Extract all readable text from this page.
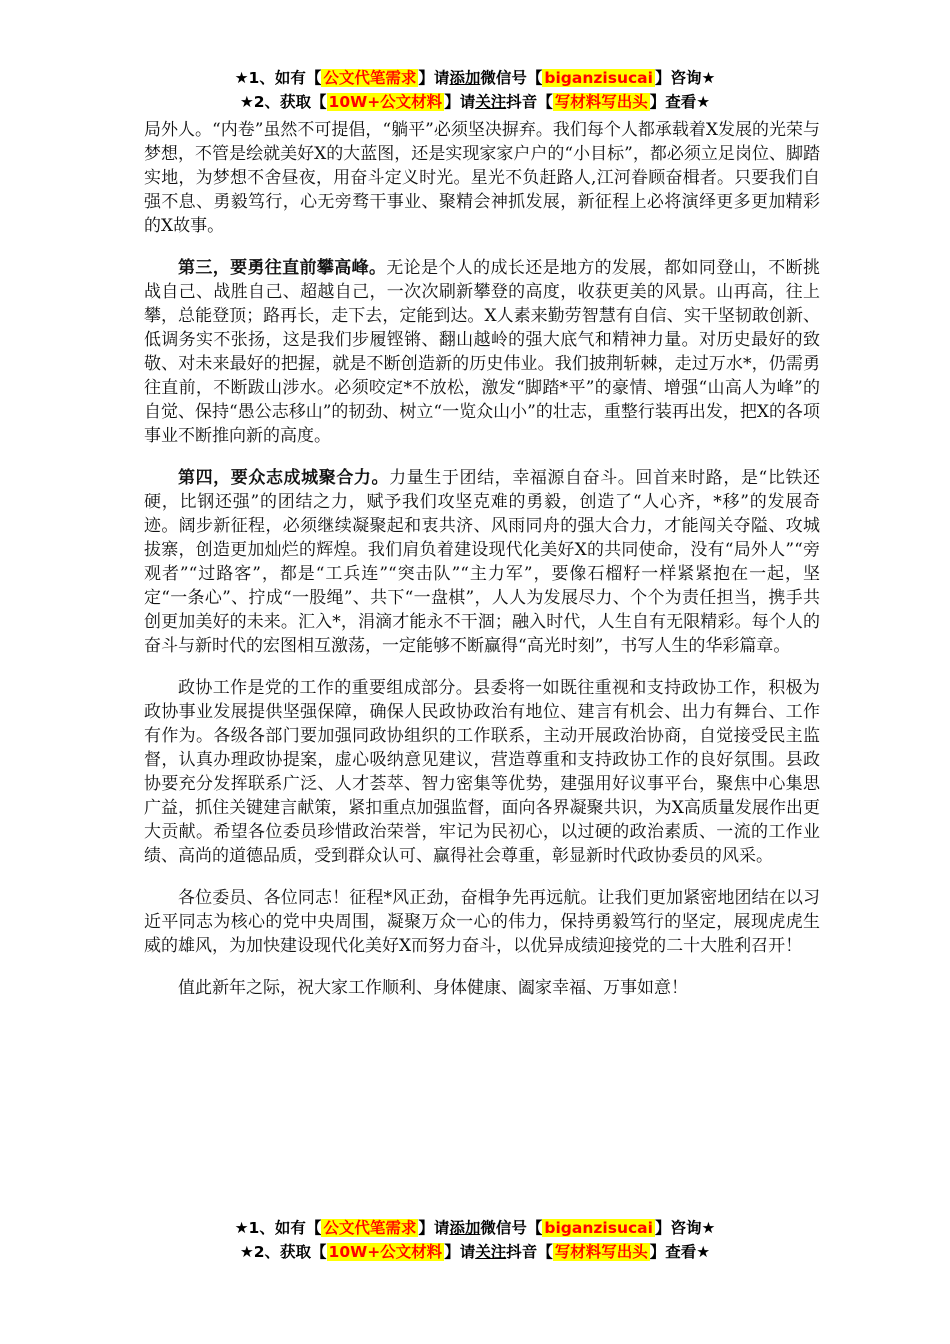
★1、如有【 公文代笔需求 】请添加微信号【 biganzisucai 】咨询★
★2、获取【 10W+公文材料 】请关注抖音【 写材料写出头 】查看★

局外人。“内卷”虽然不可提倡，“躺平”必须坚决摒弃。我们每个人都承载着X发展的光荣与梦想，不管是绘就美好X的大蓝图，还是实现家家户户的“小目标”，都必须立足岗位、脚踏实地，为梦想不舍昼夜，用奋斗定义时光。星光不负赶路人,江河眷顾奋楫者。只要我们自强不息、勇毅笃行，心无旁骛干事业、聚精会神抓发展，新征程上必将演绎更多更加精彩的X故事。

第三，要勇往直前攀高峰。无论是个人的成长还是地方的发展，都如同登山，不断挑战自己、战胜自己、超越自己，一次次刷新攀登的高度，收获更美的风景。山再高，往上攀，总能登顶；路再长，走下去，定能到达。X人素来勤劳智慧有自信、实干坚韧敢创新、低调务实不张扬，这是我们步履铿锵、翻山越岭的强大底气和精神力量。对历史最好的致敬、对未来最好的把握，就是不断创造新的历史伟业。我们披荆斩棘，走过万水*，仍需勇往直前，不断跋山涉水。必须咬定*不放松，激发“脚踏*平”的豪情、增强“山高人为峰”的自觉、保持“愚公志移山”的韧劲、树立“一览众山小”的壮志，重整行装再出发，把X的各项事业不断推向新的高度。

第四，要众志成城聚合力。力量生于团结，幸福源自奋斗。回首来时路，是“比铁还硬，比钢还强”的团结之力，赋予我们攻坚克难的勇毅，创造了“人心齐，*移”的发展奇迹。阔步新征程，必须继续凝聚起和衷共济、风雨同舟的强大合力，才能闯关夺隘、攻城拔寨，创造更加灿烂的辉煌。我们肩负着建设现代化美好X的共同使命，没有“局外人”“旁观者”“过路客”，都是“工兵连”“突击队”“主力军”，要像石榴籽一样紧紧抱在一起，坚定“一条心”、拧成“一股绳”、共下“一盘棋”，人人为发展尽力、个个为责任担当，携手共创更加美好的未来。汇入*，涓滴才能永不干涸；融入时代，人生自有无限精彩。每个人的奋斗与新时代的宏图相互激荡，一定能够不断赢得“高光时刻”，书写人生的华彩篇章。

政协工作是党的工作的重要组成部分。县委将一如既往重视和支持政协工作，积极为政协事业发展提供坚强保障，确保人民政协政治有地位、建言有机会、出力有舞台、工作有作为。各级各部门要加强同政协组织的工作联系，主动开展政治协商，自觉接受民主监督，认真办理政协提案，虚心吸纳意见建议，营造尊重和支持政协工作的良好氛围。县政协要充分发挥联系广泛、人才荟萃、智力密集等优势，建强用好议事平台，聚焦中心集思广益，抓住关键建言献策，紧扣重点加强监督，面向各界凝聚共识，为X高质量发展作出更大贡献。希望各位委员珍惜政治荣誉，牢记为民初心，以过硬的政治素质、一流的工作业绩、高尚的道德品质，受到群众认可、赢得社会尊重，彰显新时代政协委员的风采。

各位委员、各位同志！征程*风正劲，奋楫争先再远航。让我们更加紧密地团结在以习近平同志为核心的党中央周围，凝聚万众一心的伟力，保持勇毅笃行的坚定，展现虎虎生威的雄风，为加快建设现代化美好X而努力奋斗，以优异成绩迎接党的二十大胜利召开！

值此新年之际，祝大家工作顺利、身体健康、阖家幸福、万事如意！

★1、如有【 公文代笔需求 】请添加微信号【 biganzisucai 】咨询★
★2、获取【 10W+公文材料 】请关注抖音【 写材料写出头 】查看★
